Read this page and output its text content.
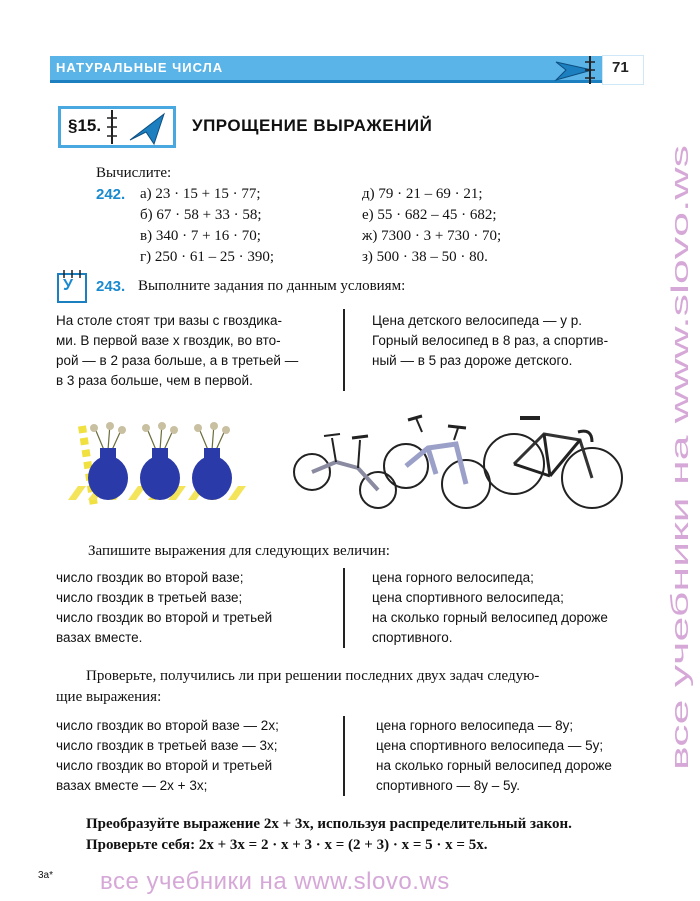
НАТУРАЛЬНЫЕ ЧИСЛА	71
§15.	УПРОЩЕНИЕ ВЫРАЖЕНИЙ
Вычислите:
242. а) 23 · 15 + 15 · 77;
б) 67 · 58 + 33 · 58;
в) 340 · 7 + 16 · 70;
г) 250 · 61 – 25 · 390;
д) 79 · 21 – 69 · 21;
е) 55 · 682 – 45 · 682;
ж) 7300 · 3 + 730 · 70;
з) 500 · 38 – 50 · 80.
У 243. Выполните задания по данным условиям:
На столе стоят три вазы с гвоздика-
ми. В первой вазе x гвоздик, во вто-
рой — в 2 раза больше, а в третьей —
в 3 раза больше, чем в первой.
Цена детского велосипеда — y р.
Горный велосипед в 8 раз, а спортив-
ный — в 5 раз дороже детского.
Запишите выражения для следующих величин:
число гвоздик во второй вазе;
число гвоздик в третьей вазе;
число гвоздик во второй и третьей
вазах вместе.
цена горного велосипеда;
цена спортивного велосипеда;
на сколько горный велосипед дороже
спортивного.
Проверьте, получились ли при решении последних двух задач следую-
щие выражения:
число гвоздик во второй вазе — 2x;
число гвоздик в третьей вазе — 3x;
число гвоздик во второй и третьей
вазах вместе — 2x + 3x;
цена горного велосипеда — 8y;
цена спортивного велосипеда — 5y;
на сколько горный велосипед дороже
спортивного — 8y – 5y.
Преобразуйте выражение 2x + 3x, используя распределительный закон.
Проверьте себя: 2x + 3x = 2 · x + 3 · x = (2 + 3) · x = 5 · x = 5x.
3а* все учебники на www.slovo.ws
все учебники на www.slovo.ws
